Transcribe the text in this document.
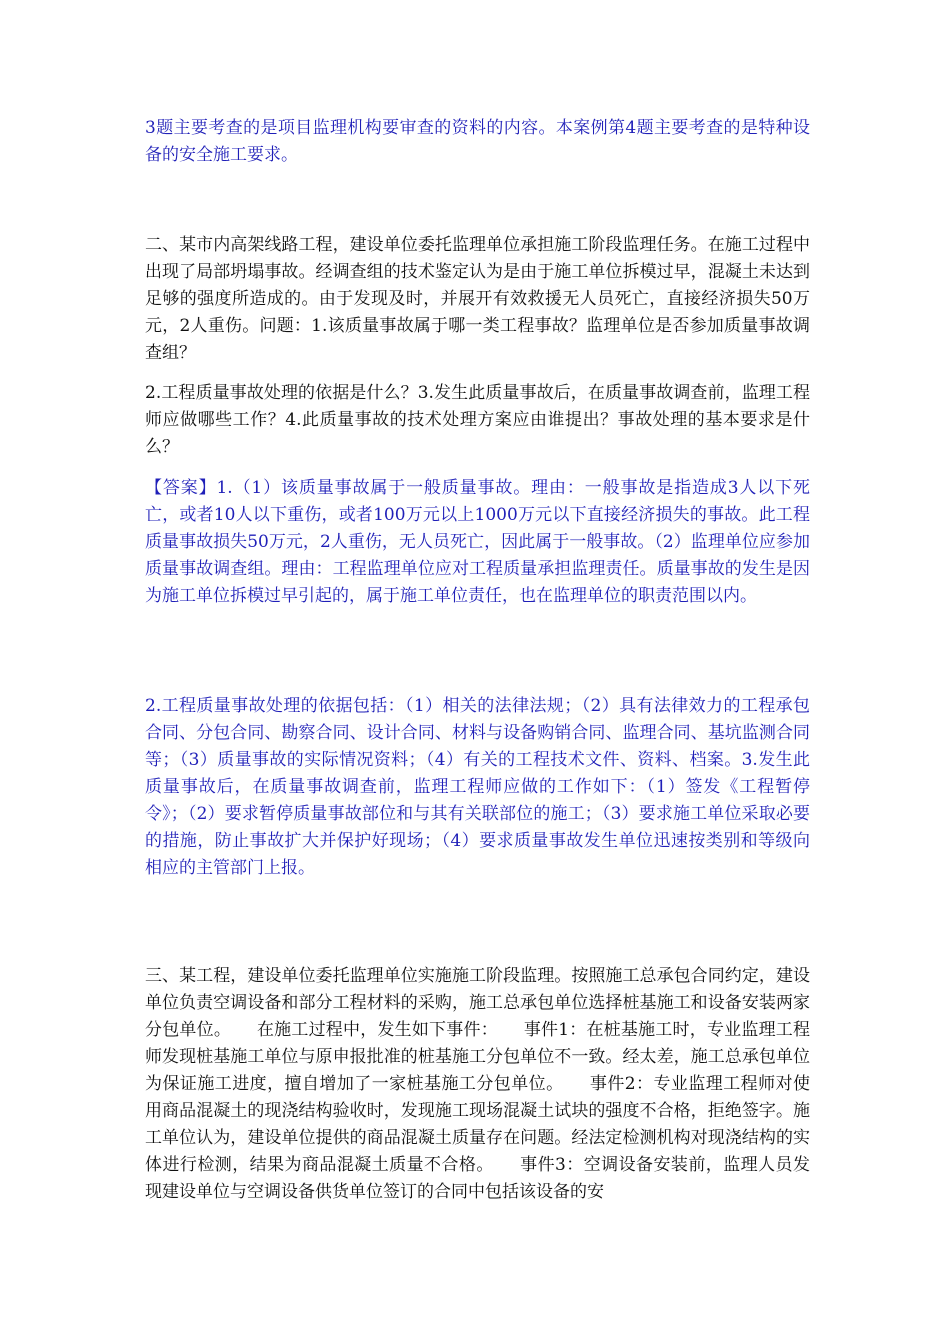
3题主要考查的是项目监理机构要审查的资料的内容。本案例第4题主要考查的是特种设备的安全施工要求。

二、某市内高架线路工程，建设单位委托监理单位承担施工阶段监理任务。在施工过程中出现了局部坍塌事故。经调查组的技术鉴定认为是由于施工单位拆模过早，混凝土未达到足够的强度所造成的。由于发现及时，并展开有效救援无人员死亡，直接经济损失50万元，2人重伤。问题：1.该质量事故属于哪一类工程事故？监理单位是否参加质量事故调查组？

2.工程质量事故处理的依据是什么？3.发生此质量事故后，在质量事故调查前，监理工程师应做哪些工作？4.此质量事故的技术处理方案应由谁提出？事故处理的基本要求是什么？

【答案】1.（1）该质量事故属于一般质量事故。理由：一般事故是指造成3人以下死亡，或者10人以下重伤，或者100万元以上1000万元以下直接经济损失的事故。此工程质量事故损失50万元，2人重伤，无人员死亡，因此属于一般事故。（2）监理单位应参加质量事故调查组。理由：工程监理单位应对工程质量承担监理责任。质量事故的发生是因为施工单位拆模过早引起的，属于施工单位责任，也在监理单位的职责范围以内。

2.工程质量事故处理的依据包括：（1）相关的法律法规；（2）具有法律效力的工程承包合同、分包合同、勘察合同、设计合同、材料与设备购销合同、监理合同、基坑监测合同等；（3）质量事故的实际情况资料；（4）有关的工程技术文件、资料、档案。3.发生此质量事故后，在质量事故调查前，监理工程师应做的工作如下：（1）签发《工程暂停令》；（2）要求暂停质量事故部位和与其有关联部位的施工；（3）要求施工单位采取必要的措施，防止事故扩大并保护好现场；（4）要求质量事故发生单位迅速按类别和等级向相应的主管部门上报。

三、某工程，建设单位委托监理单位实施施工阶段监理。按照施工总承包合同约定，建设单位负责空调设备和部分工程材料的采购，施工总承包单位选择桩基施工和设备安装两家分包单位。　　在施工过程中，发生如下事件：　　事件1：在桩基施工时，专业监理工程师发现桩基施工单位与原申报批准的桩基施工分包单位不一致。经太差，施工总承包单位为保证施工进度，擅自增加了一家桩基施工分包单位。　　事件2：专业监理工程师对使用商品混凝土的现浇结构验收时，发现施工现场混凝土试块的强度不合格，拒绝签字。施工单位认为，建设单位提供的商品混凝土质量存在问题。经法定检测机构对现浇结构的实体进行检测，结果为商品混凝土质量不合格。　　事件3：空调设备安装前，监理人员发现建设单位与空调设备供货单位签订的合同中包括该设备的安
